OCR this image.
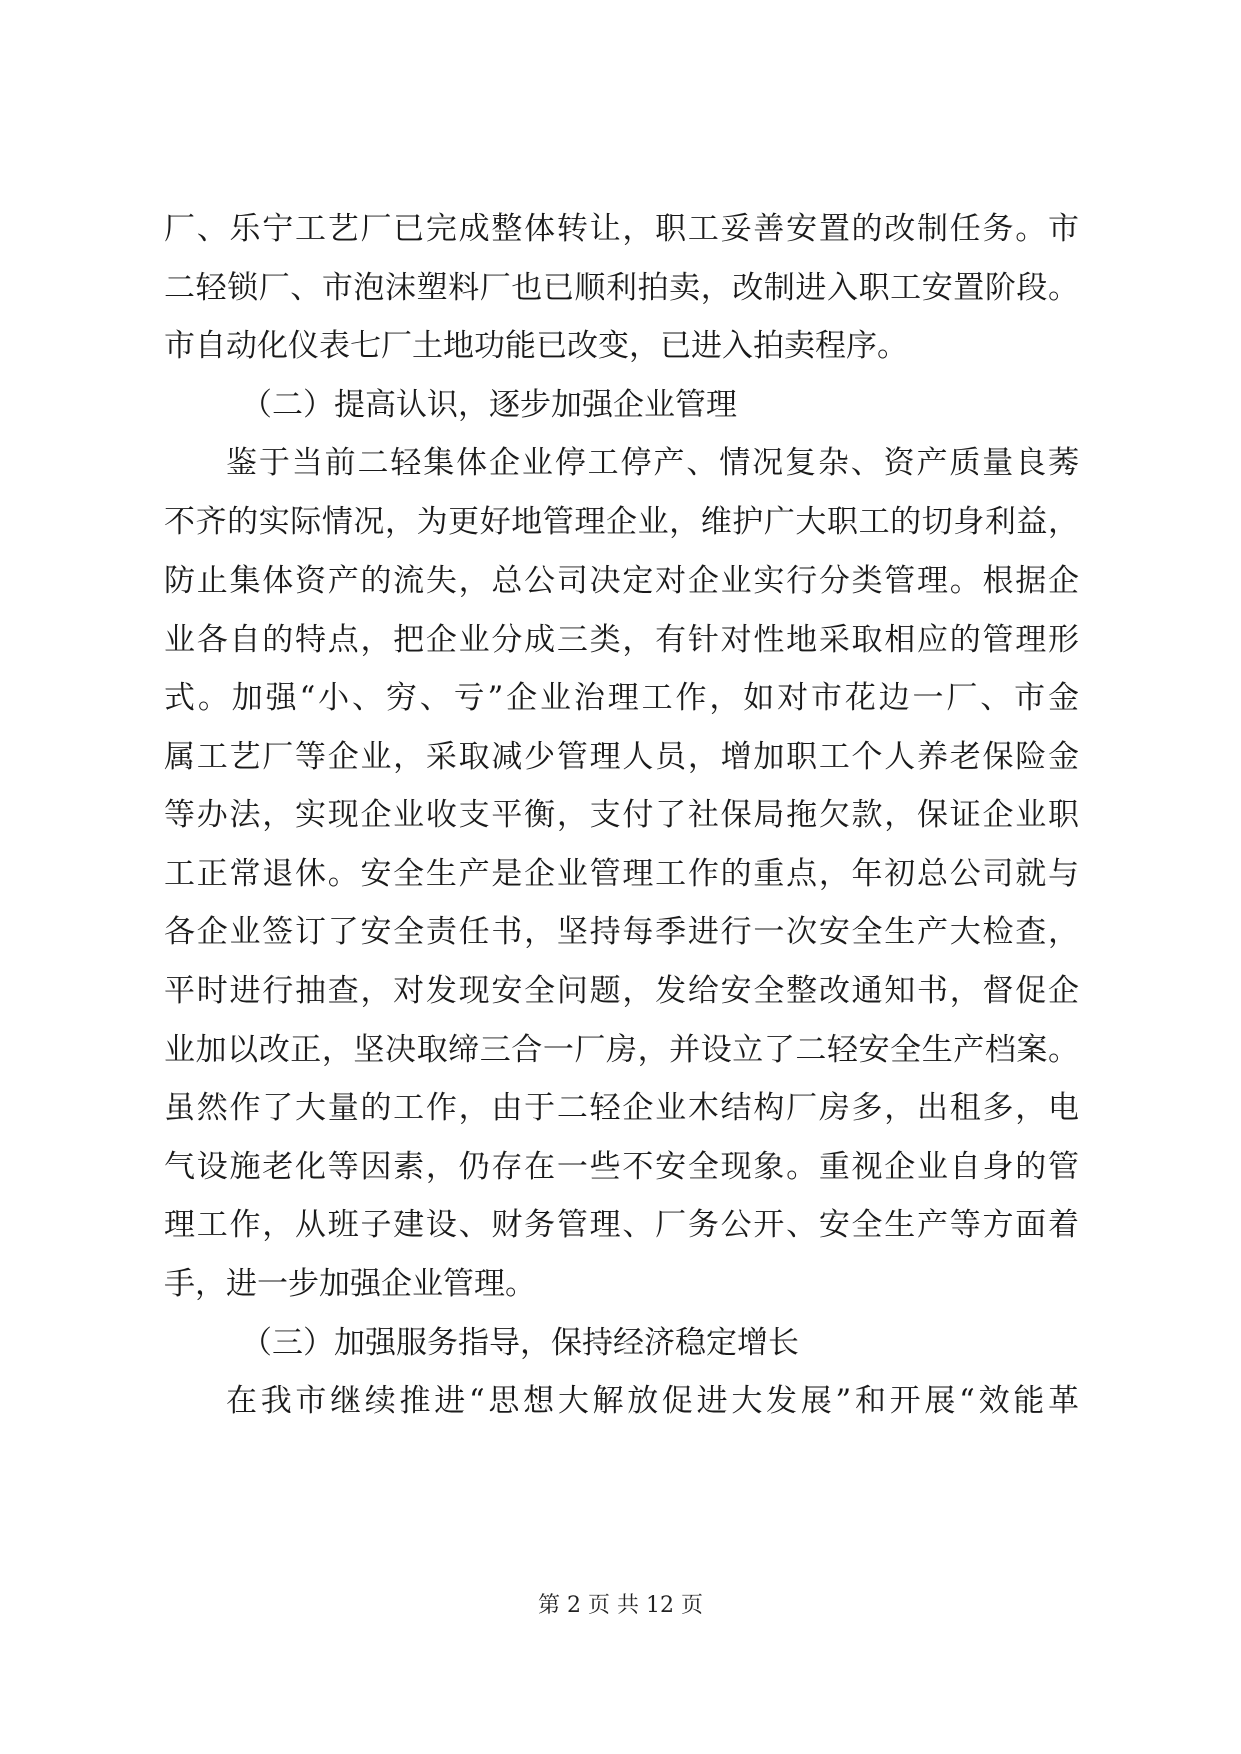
厂、乐宁工艺厂已完成整体转让，职工妥善安置的改制任务。市
二轻锁厂、市泡沫塑料厂也已顺利拍卖，改制进入职工安置阶段。
市自动化仪表七厂土地功能已改变，已进入拍卖程序。
（二）提高认识，逐步加强企业管理
鉴于当前二轻集体企业停工停产、情况复杂、资产质量良莠
不齐的实际情况，为更好地管理企业，维护广大职工的切身利益，
防止集体资产的流失，总公司决定对企业实行分类管理。根据企
业各自的特点，把企业分成三类，有针对性地采取相应的管理形
式。加强“小、穷、亏”企业治理工作，如对市花边一厂、市金
属工艺厂等企业，采取减少管理人员，增加职工个人养老保险金
等办法，实现企业收支平衡，支付了社保局拖欠款，保证企业职
工正常退休。安全生产是企业管理工作的重点，年初总公司就与
各企业签订了安全责任书，坚持每季进行一次安全生产大检查，
平时进行抽查，对发现安全问题，发给安全整改通知书，督促企
业加以改正，坚决取缔三合一厂房，并设立了二轻安全生产档案。
虽然作了大量的工作，由于二轻企业木结构厂房多，出租多，电
气设施老化等因素，仍存在一些不安全现象。重视企业自身的管
理工作，从班子建设、财务管理、厂务公开、安全生产等方面着
手，进一步加强企业管理。
（三）加强服务指导，保持经济稳定增长
在我市继续推进“思想大解放促进大发展”和开展“效能革
第 2 页 共 12 页
